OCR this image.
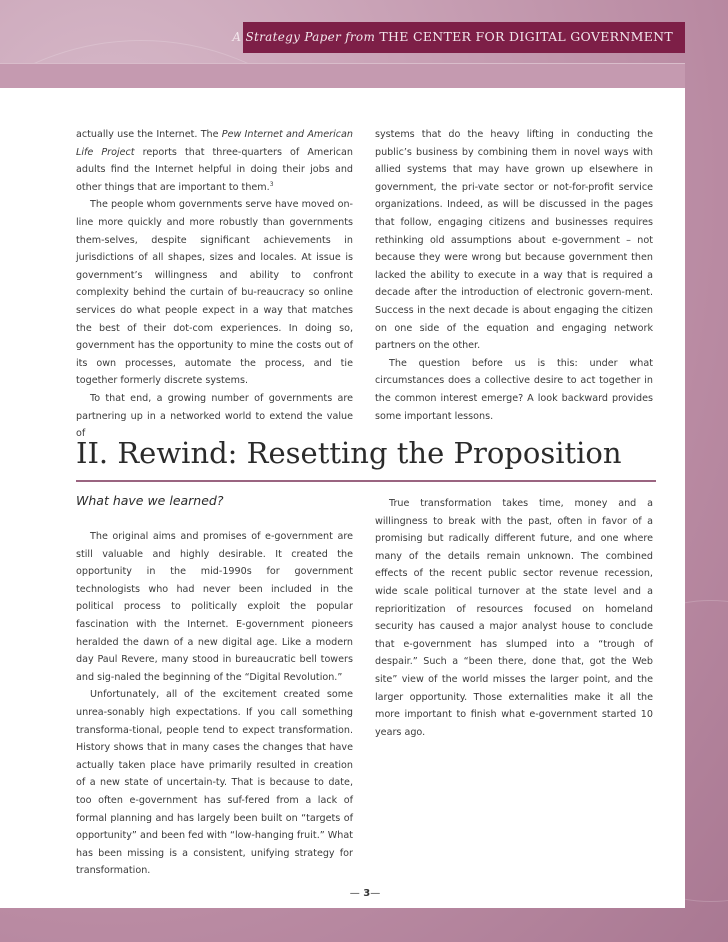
A Strategy Paper from THE CENTER FOR DIGITAL GOVERNMENT

actually use the Internet. The Pew Internet and American Life Project reports that three-quarters of American adults find the Internet helpful in doing their jobs and other things that are important to them.$^3$

The people whom governments serve have moved on-line more quickly and more robustly than governments them-selves, despite significant achievements in jurisdictions of all shapes, sizes and locales. At issue is government’s willingness and ability to confront complexity behind the curtain of bu-reaucracy so online services do what people expect in a way that matches the best of their dot-com experiences. In doing so, government has the opportunity to mine the costs out of its own processes, automate the process, and tie together formerly discrete systems.

To that end, a growing number of governments are partnering up in a networked world to extend the value of

systems that do the heavy lifting in conducting the public’s business by combining them in novel ways with allied systems that may have grown up elsewhere in government, the pri-vate sector or not-for-profit service organizations. Indeed, as will be discussed in the pages that follow, engaging citizens and businesses requires rethinking old assumptions about e-government – not because they were wrong but because government then lacked the ability to execute in a way that is required a decade after the introduction of electronic govern-ment. Success in the next decade is about engaging the citizen on one side of the equation and engaging network partners on the other.

The question before us is this: under what circumstances does a collective desire to act together in the common interest emerge? A look backward provides some important lessons.

II. Rewind: Resetting the Proposition
What have we learned?

The original aims and promises of e-government are still valuable and highly desirable. It created the opportunity in the mid-1990s for government technologists who had never been included in the political process to politically exploit the popular fascination with the Internet. E-government pioneers heralded the dawn of a new digital age. Like a modern day Paul Revere, many stood in bureaucratic bell towers and sig-naled the beginning of the “Digital Revolution.”

Unfortunately, all of the excitement created some unrea-sonably high expectations. If you call something transforma-tional, people tend to expect transformation. History shows that in many cases the changes that have actually taken place have primarily resulted in creation of a new state of uncertain-ty. That is because to date, too often e-government has suf-fered from a lack of formal planning and has largely been built on “targets of opportunity” and been fed with “low-hanging fruit.” What has been missing is a consistent, unifying strategy for transformation.

True transformation takes time, money and a willingness to break with the past, often in favor of a promising but radically different future, and one where many of the details remain unknown. The combined effects of the recent public sector revenue recession, wide scale political turnover at the state level and a reprioritization of resources focused on homeland security has caused a major analyst house to conclude that e-government has slumped into a “trough of despair.” Such a “been there, done that, got the Web site” view of the world misses the larger point, and the larger opportunity. Those externalities make it all the more important to finish what e-government started 10 years ago.

— 3—
